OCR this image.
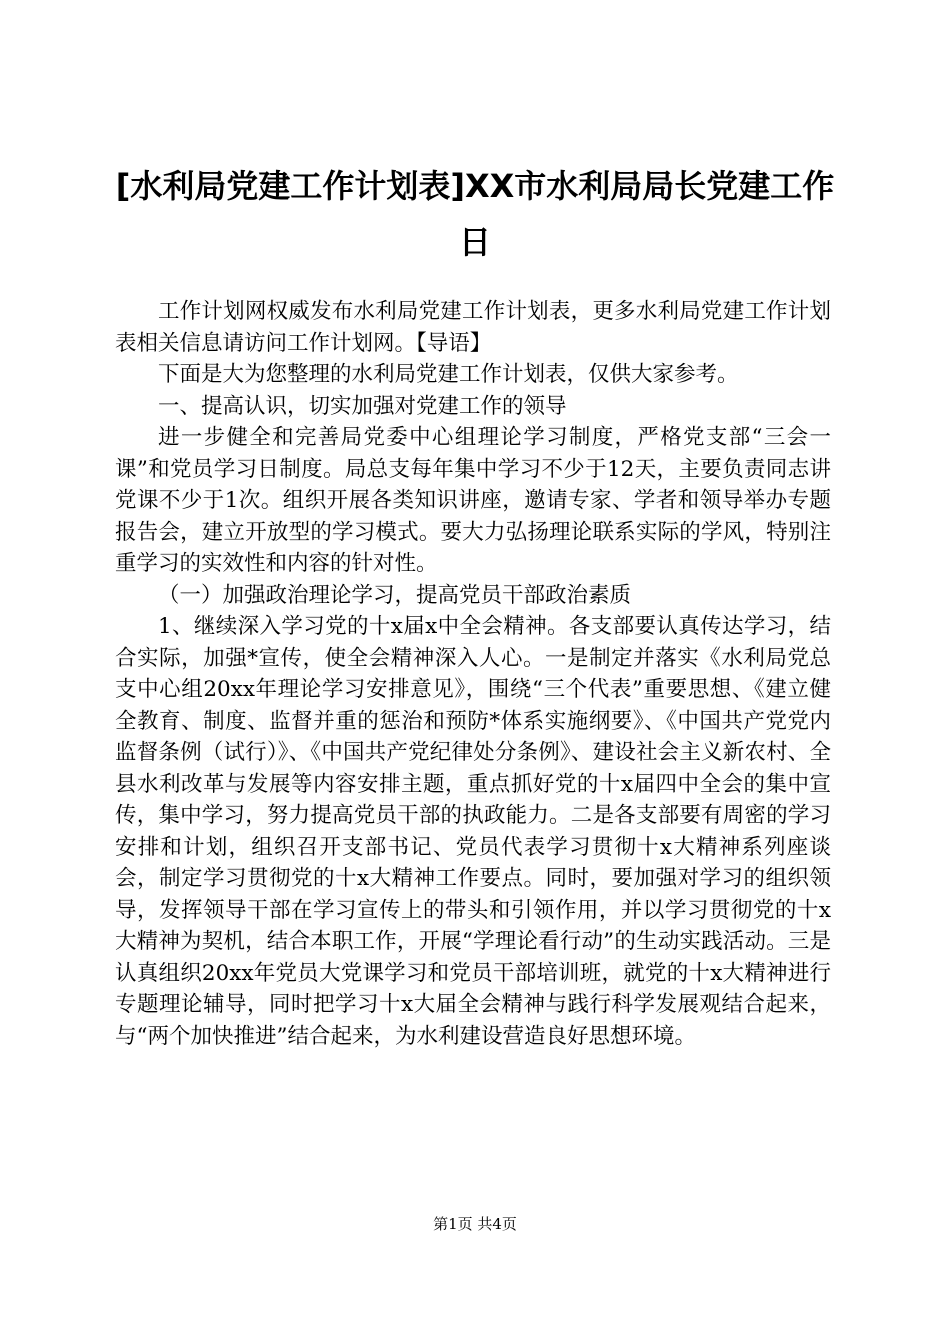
[水利局党建工作计划表]XX市水利局局长党建工作日

工作计划网权威发布水利局党建工作计划表，更多水利局党建工作计划表相关信息请访问工作计划网。【导语】

下面是大为您整理的水利局党建工作计划表，仅供大家参考。

一、提高认识，切实加强对党建工作的领导

进一步健全和完善局党委中心组理论学习制度，严格党支部“三会一课”和党员学习日制度。局总支每年集中学习不少于12天，主要负责同志讲党课不少于1次。组织开展各类知识讲座，邀请专家、学者和领导举办专题报告会，建立开放型的学习模式。要大力弘扬理论联系实际的学风，特别注重学习的实效性和内容的针对性。

（一）加强政治理论学习，提高党员干部政治素质

1、继续深入学习党的十x届x中全会精神。各支部要认真传达学习，结合实际，加强*宣传，使全会精神深入人心。一是制定并落实《水利局党总支中心组20xx年理论学习安排意见》，围绕“三个代表”重要思想、《建立健全教育、制度、监督并重的惩治和预防*体系实施纲要》、《中国共产党党内监督条例（试行）》、《中国共产党纪律处分条例》、建设社会主义新农村、全县水利改革与发展等内容安排主题，重点抓好党的十x届四中全会的集中宣传，集中学习，努力提高党员干部的执政能力。二是各支部要有周密的学习安排和计划，组织召开支部书记、党员代表学习贯彻十x大精神系列座谈会，制定学习贯彻党的十x大精神工作要点。同时，要加强对学习的组织领导，发挥领导干部在学习宣传上的带头和引领作用，并以学习贯彻党的十x大精神为契机，结合本职工作，开展“学理论看行动”的生动实践活动。三是认真组织20xx年党员大党课学习和党员干部培训班，就党的十x大精神进行专题理论辅导，同时把学习十x大届全会精神与践行科学发展观结合起来，与“两个加快推进”结合起来，为水利建设营造良好思想环境。

第1页 共4页
